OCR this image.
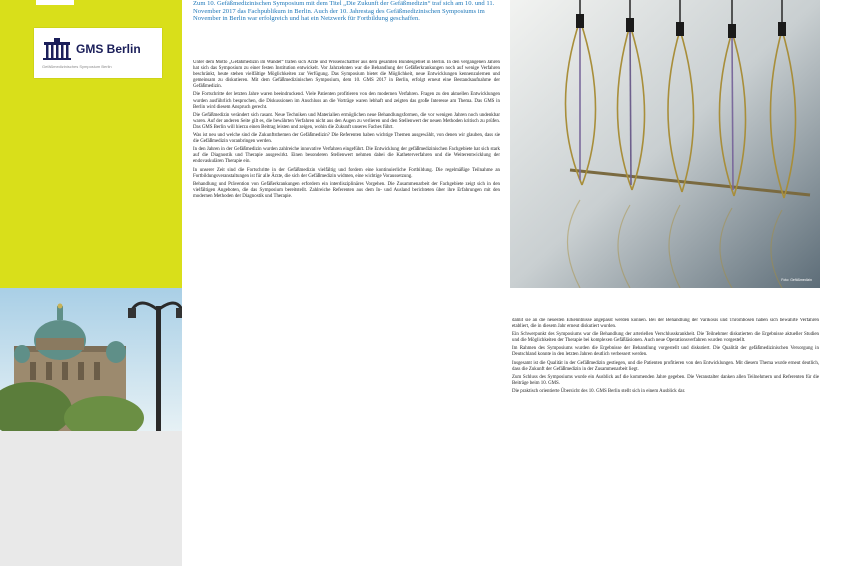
GMS Berlin
Gefäßmedizinisches Symposium Berlin
Zum 10. Gefäßmedizinischen Symposium mit dem Titel „Die Zukunft der Gefäßmedizin“ traf sich am 10. und 11. November 2017 das Fachpublikum in Berlin. Auch der 10. Jahrestag des Gefäßmedizinischen Symposiums im November in Berlin war erfolgreich und hat ein Netzwerk für Fortbildung geschaffen.

Unter dem Motto „Gefäßmedizin im Wandel“ trafen sich Ärzte und Wissenschaftler aus dem gesamten Bundesgebiet in Berlin. In den vergangenen Jahren hat sich das Symposium zu einer festen Institution entwickelt. Vor Jahrzehnten war die Behandlung der Gefäßerkrankungen noch auf wenige Verfahren beschränkt, heute stehen vielfältige Möglichkeiten zur Verfügung. Das Symposium bietet die Möglichkeit, neue Entwicklungen kennenzulernen und gemeinsam zu diskutieren. Mit dem Gefäßmedizinischen Symposium, dem 10. GMS 2017 in Berlin, erfolgt erneut eine Bestandsaufnahme der Gefäßmedizin.

Die Fortschritte der letzten Jahre waren beeindruckend. Viele Patienten profitieren von den modernen Verfahren. Fragen zu den aktuellen Entwicklungen wurden ausführlich besprochen, die Diskussionen im Anschluss an die Vorträge waren lebhaft und zeigten das große Interesse am Thema. Das GMS in Berlin wird diesem Anspruch gerecht.

Die Gefäßmedizin verändert sich rasant. Neue Techniken und Materialien ermöglichen neue Behandlungsformen, die vor wenigen Jahren noch undenkbar waren. Auf der anderen Seite gilt es, die bewährten Verfahren nicht aus den Augen zu verlieren und den Stellenwert der neuen Methoden kritisch zu prüfen. Das GMS Berlin will hierzu einen Beitrag leisten und zeigen, wohin die Zukunft unseres Faches führt.

Was ist neu und welche sind die Zukunftsthemen der Gefäßmedizin? Die Referenten haben wichtige Themen ausgewählt, von denen wir glauben, dass sie die Gefäßmedizin voranbringen werden.

In den Jahren in der Gefäßmedizin wurden zahlreiche innovative Verfahren eingeführt. Die Entwicklung der gefäßmedizinischen Fachgebiete hat sich stark auf die Diagnostik und Therapie ausgewirkt. Einen besonderen Stellenwert nehmen dabei die Katheterverfahren und die Weiterentwicklung der endovaskulären Therapie ein.

In unserer Zeit sind die Fortschritte in der Gefäßmedizin vielfältig und fordern eine kontinuierliche Fortbildung. Die regelmäßige Teilnahme an Fortbildungsveranstaltungen ist für alle Ärzte, die sich der Gefäßmedizin widmen, eine wichtige Voraussetzung.

Behandlung und Prävention von Gefäßerkrankungen erfordern ein interdisziplinäres Vorgehen. Die Zusammenarbeit der Fachgebiete zeigt sich in den vielfältigen Angeboten, die das Symposium bereitstellt. Zahlreiche Referenten aus dem In- und Ausland berichteten über ihre Erfahrungen mit den modernen Methoden der Diagnostik und Therapie.

Foto: Gefäßmedizin

damit sie an die neuesten Erkenntnisse angepasst werden können. Bei der Behandlung der Varikosis und Thrombosen haben sich bewährte Verfahren etabliert, die in diesem Jahr erneut diskutiert wurden.

Ein Schwerpunkt des Symposiums war die Behandlung der arteriellen Verschlusskrankheit. Die Teilnehmer diskutierten die Ergebnisse aktueller Studien und die Möglichkeiten der Therapie bei komplexen Gefäßläsionen. Auch neue Operationsverfahren wurden vorgestellt.

Im Rahmen des Symposiums wurden die Ergebnisse der Behandlung vorgestellt und diskutiert. Die Qualität der gefäßmedizinischen Versorgung in Deutschland konnte in den letzten Jahren deutlich verbessert werden.

Insgesamt ist die Qualität in der Gefäßmedizin gestiegen, und die Patienten profitieren von den Entwicklungen. Mit diesem Thema wurde erneut deutlich, dass die Zukunft der Gefäßmedizin in der Zusammenarbeit liegt.

Zum Schluss des Symposiums wurde ein Ausblick auf die kommenden Jahre gegeben. Die Veranstalter danken allen Teilnehmern und Referenten für die Beiträge beim 10. GMS.

Die praktisch orientierte Übersicht des 10. GMS Berlin stellt sich in einem Ausblick dar.
